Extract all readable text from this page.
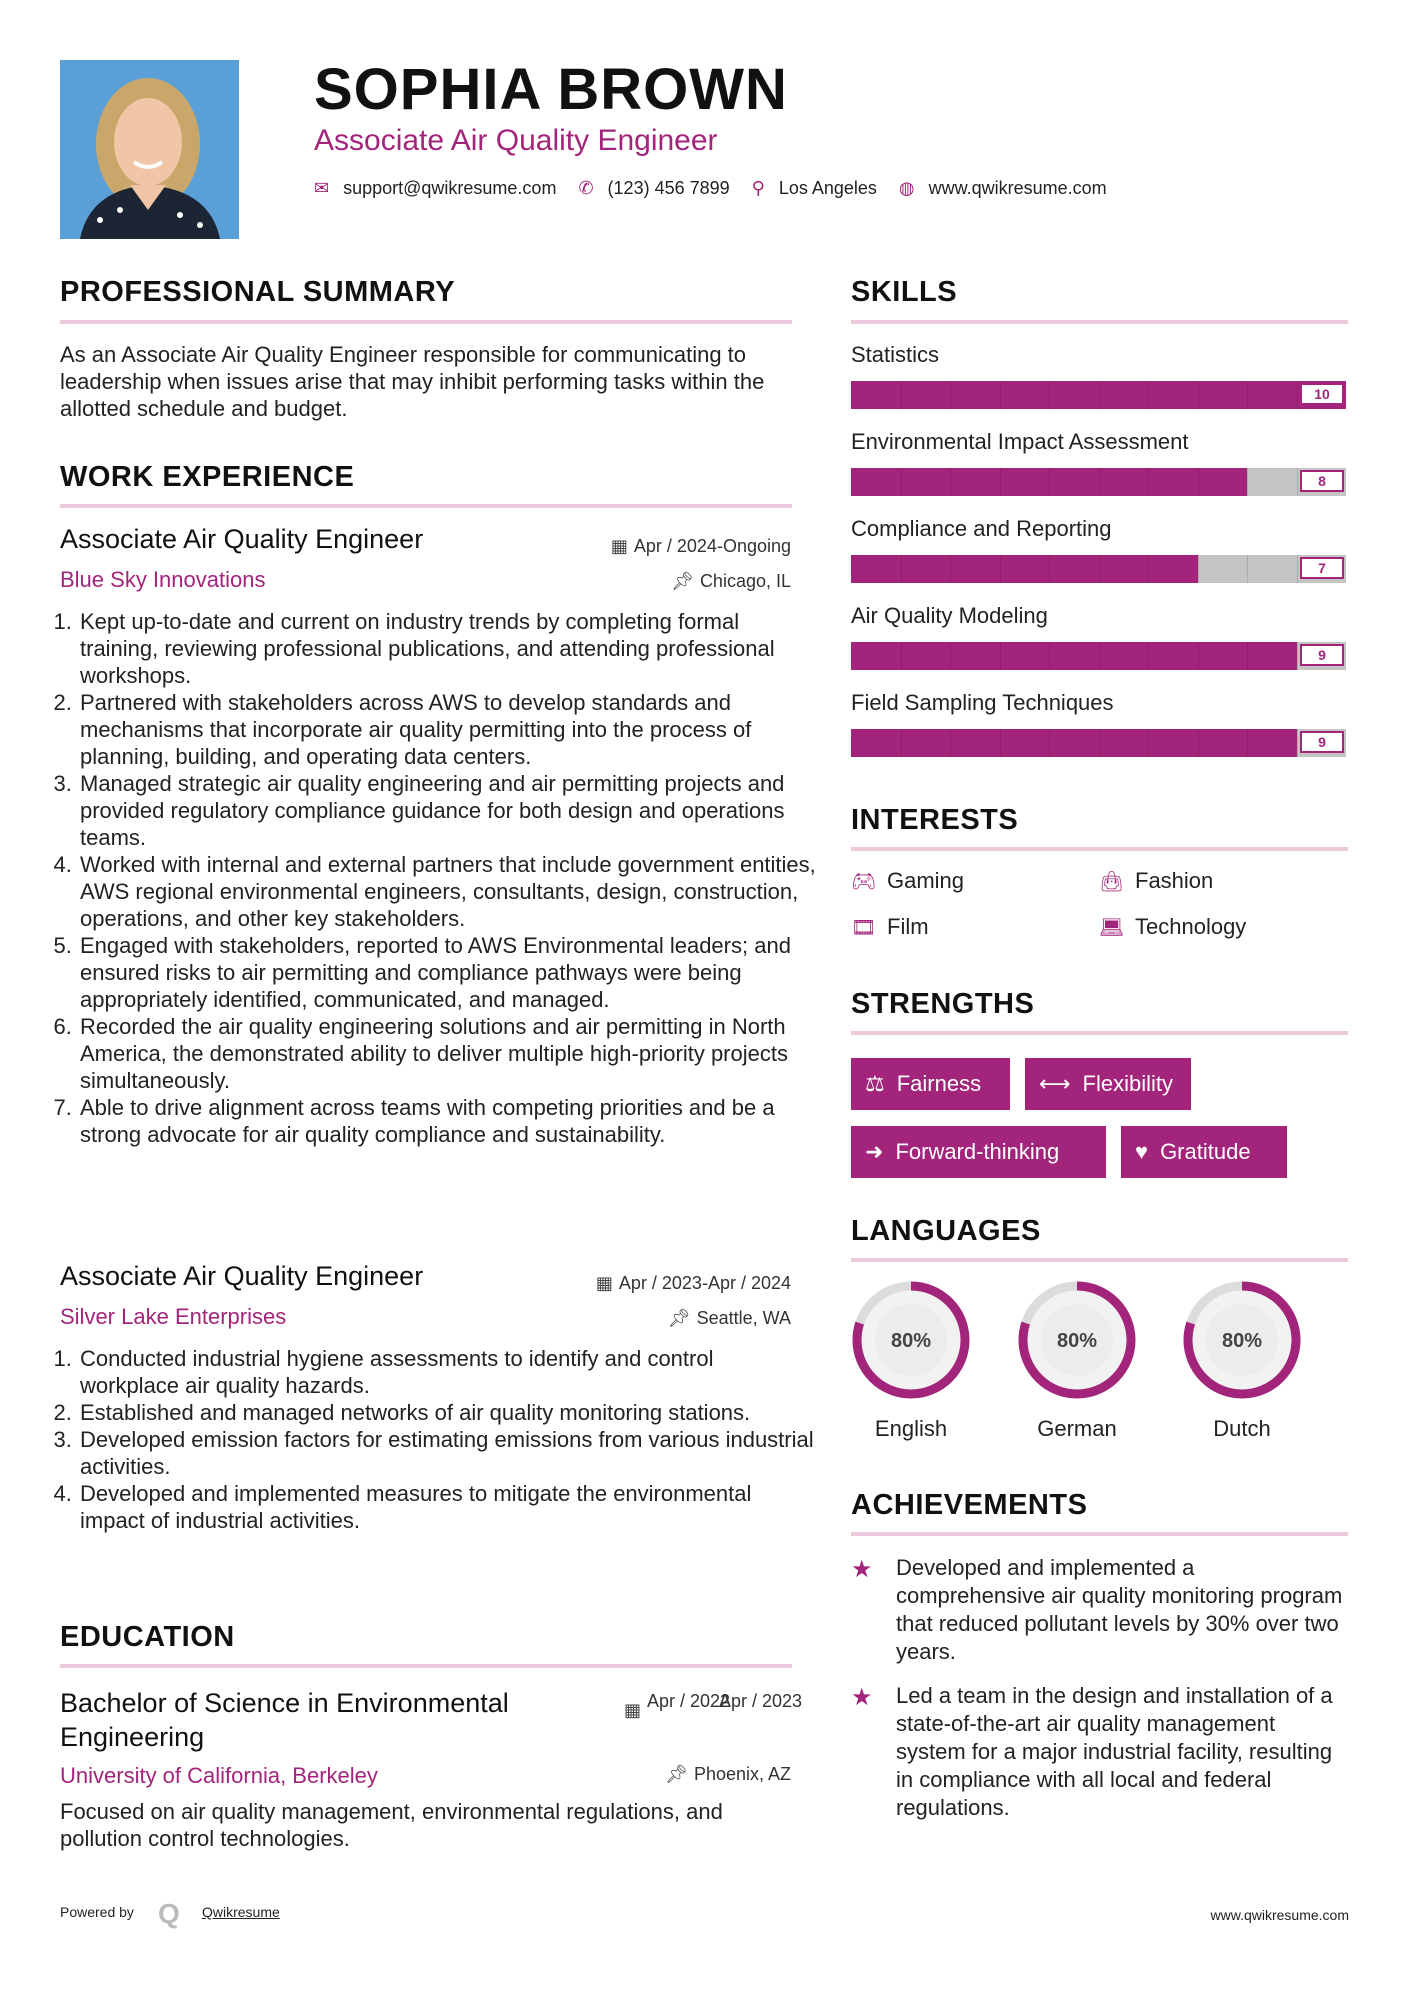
SOPHIA BROWN
Associate Air Quality Engineer
✉ support@qwikresume.com ✆ (123) 456 7899 ⚲ Los Angeles ◍ www.qwikresume.com
PROFESSIONAL SUMMARY
As an Associate Air Quality Engineer responsible for communicating to leadership when issues arise that may inhibit performing tasks within the allotted schedule and budget.
WORK EXPERIENCE
Associate Air Quality Engineer	▦ Apr / 2024-Ongoing
Blue Sky Innovations	📌︎ Chicago, IL
1. Kept up-to-date and current on industry trends by completing formal training, reviewing professional publications, and attending professional workshops.
2. Partnered with stakeholders across AWS to develop standards and mechanisms that incorporate air quality permitting into the process of planning, building, and operating data centers.
3. Managed strategic air quality engineering and air permitting projects and provided regulatory compliance guidance for both design and operations teams.
4. Worked with internal and external partners that include government entities, AWS regional environmental engineers, consultants, design, construction, operations, and other key stakeholders.
5. Engaged with stakeholders, reported to AWS Environmental leaders; and ensured risks to air permitting and compliance pathways were being appropriately identified, communicated, and managed.
6. Recorded the air quality engineering solutions and air permitting in North America, the demonstrated ability to deliver multiple high-priority projects simultaneously.
7. Able to drive alignment across teams with competing priorities and be a strong advocate for air quality compliance and sustainability.
Associate Air Quality Engineer	▦ Apr / 2023-Apr / 2024
Silver Lake Enterprises	📌︎ Seattle, WA
1. Conducted industrial hygiene assessments to identify and control workplace air quality hazards.
2. Established and managed networks of air quality monitoring stations.
3. Developed emission factors for estimating emissions from various industrial activities.
4. Developed and implemented measures to mitigate the environmental impact of industrial activities.
EDUCATION
Bachelor of Science in Environmental Engineering
▦ Apr / 2022
Apr / 2023
University of California, Berkeley	📌︎ Phoenix, AZ
Focused on air quality management, environmental regulations, and pollution control technologies.
SKILLS
Statistics
10
Environmental Impact Assessment
8
Compliance and Reporting
7
Air Quality Modeling
9
Field Sampling Techniques
9
INTERESTS
🎮︎ Gaming	👜︎ Fashion
🎞︎ Film	💻︎ Technology
STRENGTHS
⚖ Fairness	⟷ Flexibility
➜ Forward-thinking	♥ Gratitude
LANGUAGES
80%
English
80%
German
80%
Dutch
ACHIEVEMENTS
★ Developed and implemented a comprehensive air quality monitoring program that reduced pollutant levels by 30% over two years.
★ Led a team in the design and installation of a state-of-the-art air quality management system for a major industrial facility, resulting in compliance with all local and federal regulations.
Powered by Q Qwikresume	www.qwikresume.com
